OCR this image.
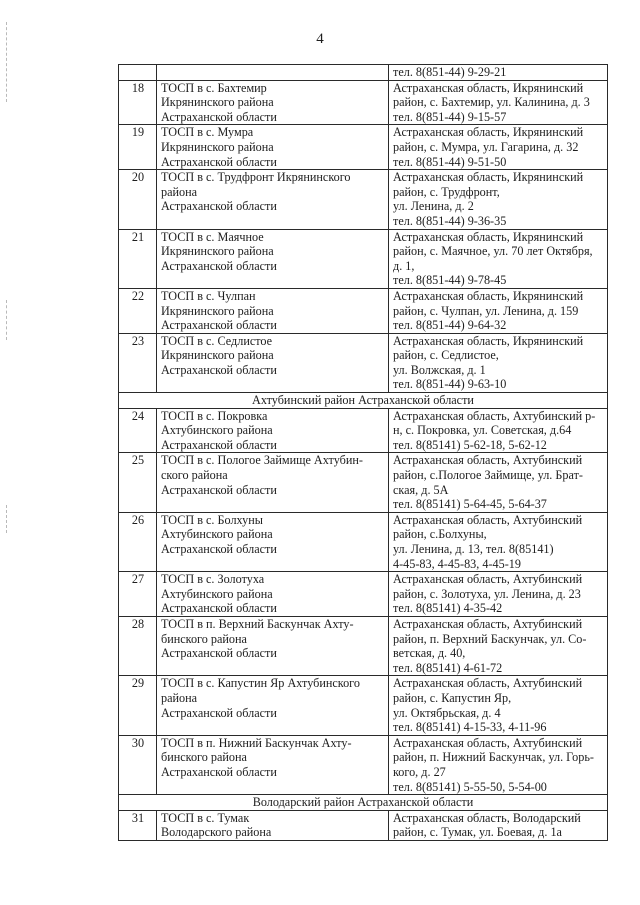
4

		тел. 8(851-44) 9-29-21

18	ТОСП в с. Бахтемир
Икрянинского района
Астраханской области	Астраханская область, Икрянинский
район, с. Бахтемир, ул. Калинина, д. 3
тел. 8(851-44) 9-15-57

19	ТОСП в с. Мумра
Икрянинского района
Астраханской области	Астраханская область, Икрянинский
район, с. Мумра, ул. Гагарина, д. 32
тел. 8(851-44) 9-51-50

20	ТОСП в с. Трудфронт Икрянинского
района
Астраханской области	Астраханская область, Икрянинский
район, с. Трудфронт,
ул. Ленина, д. 2
тел. 8(851-44) 9-36-35

21	ТОСП в с. Маячное
Икрянинского района
Астраханской области	Астраханская область, Икрянинский
район, с. Маячное, ул. 70 лет Октября,
д. 1,
тел. 8(851-44) 9-78-45

22	ТОСП в с. Чулпан
Икрянинского района
Астраханской области	Астраханская область, Икрянинский
район, с. Чулпан, ул. Ленина, д. 159
тел. 8(851-44) 9-64-32

23	ТОСП в с. Седлистое
Икрянинского района
Астраханской области	Астраханская область, Икрянинский
район, с. Седлистое,
ул. Волжская, д. 1
тел. 8(851-44) 9-63-10

Ахтубинский район Астраханской области		
24	ТОСП в с. Покровка
Ахтубинского района
Астраханской области	Астраханская область, Ахтубинский р-
н, с. Покровка, ул. Советская, д.64
тел. 8(85141) 5-62-18, 5-62-12

25	ТОСП в с. Пологое Займище Ахтубин-
ского района
Астраханской области	Астраханская область, Ахтубинский
район, с.Пологое Займище, ул. Брат-
ская, д. 5А
тел. 8(85141) 5-64-45, 5-64-37

26	ТОСП в с. Болхуны
Ахтубинского района
Астраханской области	Астраханская область, Ахтубинский
район, с.Болхуны,
ул. Ленина, д. 13, тел. 8(85141)
4-45-83, 4-45-83, 4-45-19

27	ТОСП в с. Золотуха
Ахтубинского района
Астраханской области	Астраханская область, Ахтубинский
район, с. Золотуха, ул. Ленина, д. 23
тел. 8(85141) 4-35-42

28	ТОСП в п. Верхний Баскунчак Ахту-
бинского района
Астраханской области	Астраханская область, Ахтубинский
район, п. Верхний Баскунчак, ул. Со-
ветская, д. 40,
тел. 8(85141) 4-61-72

29	ТОСП в с. Капустин Яр Ахтубинского
района
Астраханской области	Астраханская область, Ахтубинский
район, с. Капустин Яр,
ул. Октябрьская, д. 4
тел. 8(85141) 4-15-33, 4-11-96

30	ТОСП в п. Нижний Баскунчак Ахту-
бинского района
Астраханской области	Астраханская область, Ахтубинский
район, п. Нижний Баскунчак, ул. Горь-
кого, д. 27
тел. 8(85141) 5-55-50, 5-54-00

Володарский район Астраханской области		
31	ТОСП в с. Тумак
Володарского района	Астраханская область, Володарский
район, с. Тумак, ул. Боевая, д. 1а
